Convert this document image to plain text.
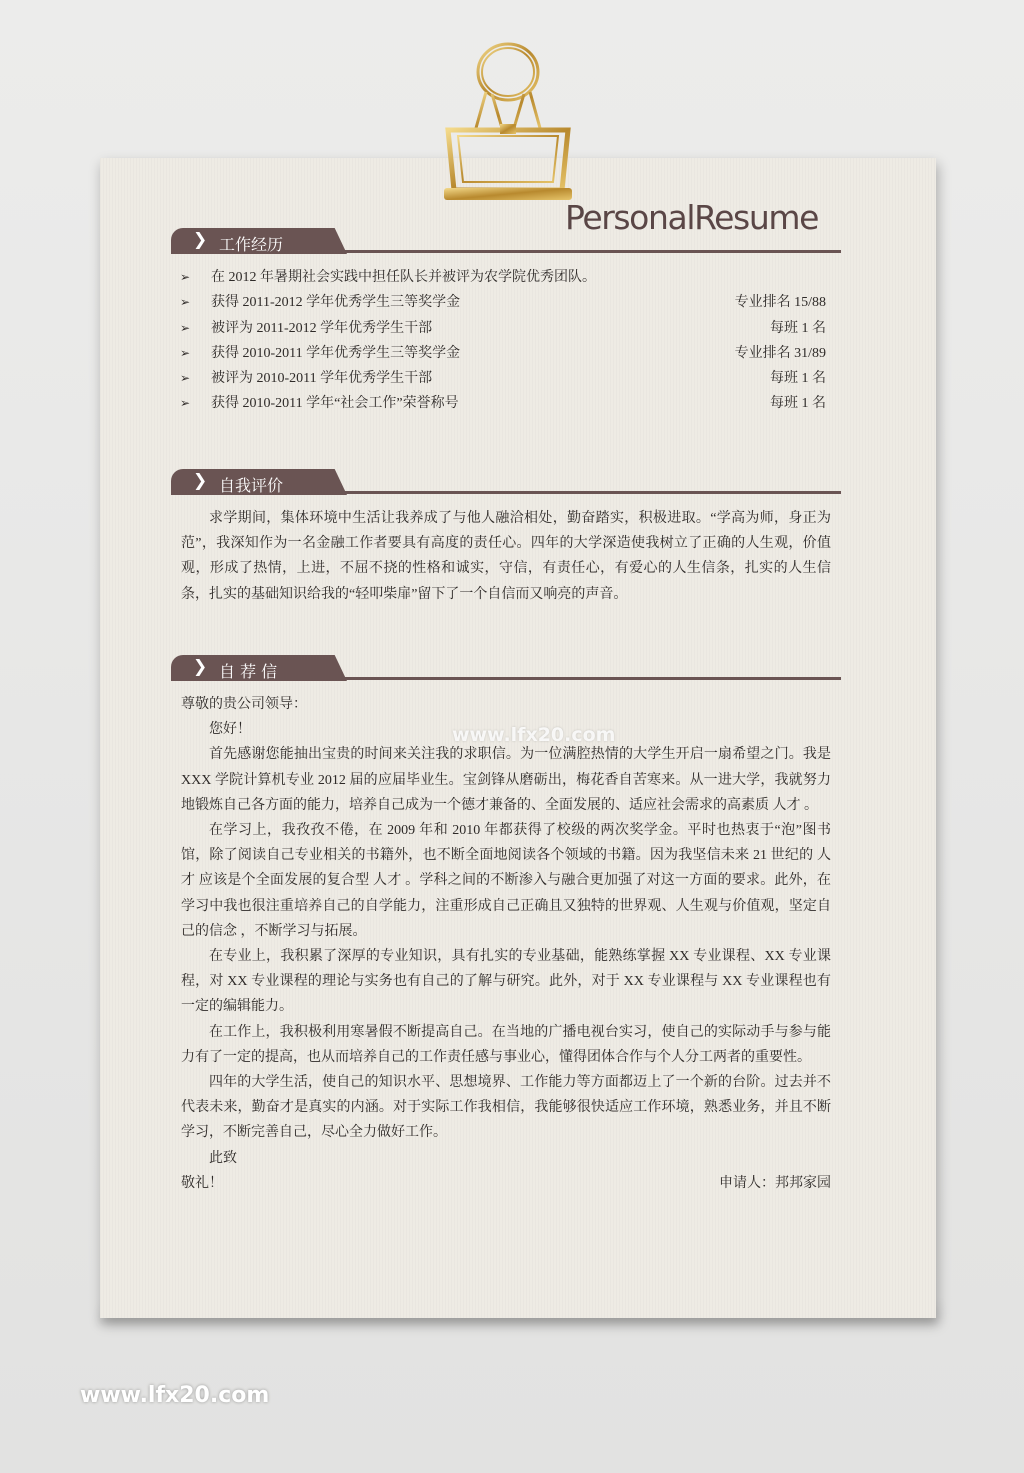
PersonalResume
❯ 工作经历
➢	在 2012 年暑期社会实践中担任队长并被评为农学院优秀团队。
➢	获得 2011-2012 学年优秀学生三等奖学金	专业排名 15/88
➢	被评为 2011-2012 学年优秀学生干部	每班 1 名
➢	获得 2010-2011 学年优秀学生三等奖学金	专业排名 31/89
➢	被评为 2010-2011 学年优秀学生干部	每班 1 名
➢	获得 2010-2011 学年“社会工作”荣誉称号	每班 1 名
❯ 自我评价

求学期间，集体环境中生活让我养成了与他人融洽相处，勤奋踏实，积极进取。“学高为师，身正为范”，我深知作为一名金融工作者要具有高度的责任心。四年的大学深造使我树立了正确的人生观，价值观，形成了热情，上进，不屈不挠的性格和诚实，守信，有责任心，有爱心的人生信条，扎实的人生信条，扎实的基础知识给我的“轻叩柴扉”留下了一个自信而又响亮的声音。

❯ 自 荐 信

尊敬的贵公司领导：

您好！

首先感谢您能抽出宝贵的时间来关注我的求职信。为一位满腔热情的大学生开启一扇希望之门。我是 XXX 学院计算机专业 2012 届的应届毕业生。宝剑锋从磨砺出，梅花香自苦寒来。从一进大学，我就努力地锻炼自己各方面的能力，培养自己成为一个德才兼备的、全面发展的、适应社会需求的高素质 人才 。

在学习上，我孜孜不倦，在 2009 年和 2010 年都获得了校级的两次奖学金。平时也热衷于“泡”图书馆，除了阅读自己专业相关的书籍外，也不断全面地阅读各个领域的书籍。因为我坚信未来 21 世纪的 人才 应该是个全面发展的复合型 人才 。学科之间的不断渗入与融合更加强了对这一方面的要求。此外，在学习中我也很注重培养自己的自学能力，注重形成自己正确且又独特的世界观、人生观与价值观，坚定自己的信念 ，不断学习与拓展。

在专业上，我积累了深厚的专业知识，具有扎实的专业基础，能熟练掌握 XX 专业课程、XX 专业课程，对 XX 专业课程的理论与实务也有自己的了解与研究。此外，对于 XX 专业课程与 XX 专业课程也有一定的编辑能力。

在工作上，我积极利用寒暑假不断提高自己。在当地的广播电视台实习，使自己的实际动手与参与能力有了一定的提高，也从而培养自己的工作责任感与事业心，懂得团体合作与个人分工两者的重要性。

四年的大学生活，使自己的知识水平、思想境界、工作能力等方面都迈上了一个新的台阶。过去并不代表未来，勤奋才是真实的内涵。对于实际工作我相信，我能够很快适应工作环境，熟悉业务，并且不断学习，不断完善自己，尽心全力做好工作。

此致

敬礼！	申请人：邦邦家园
www.lfx20.com
www.lfx20.com
